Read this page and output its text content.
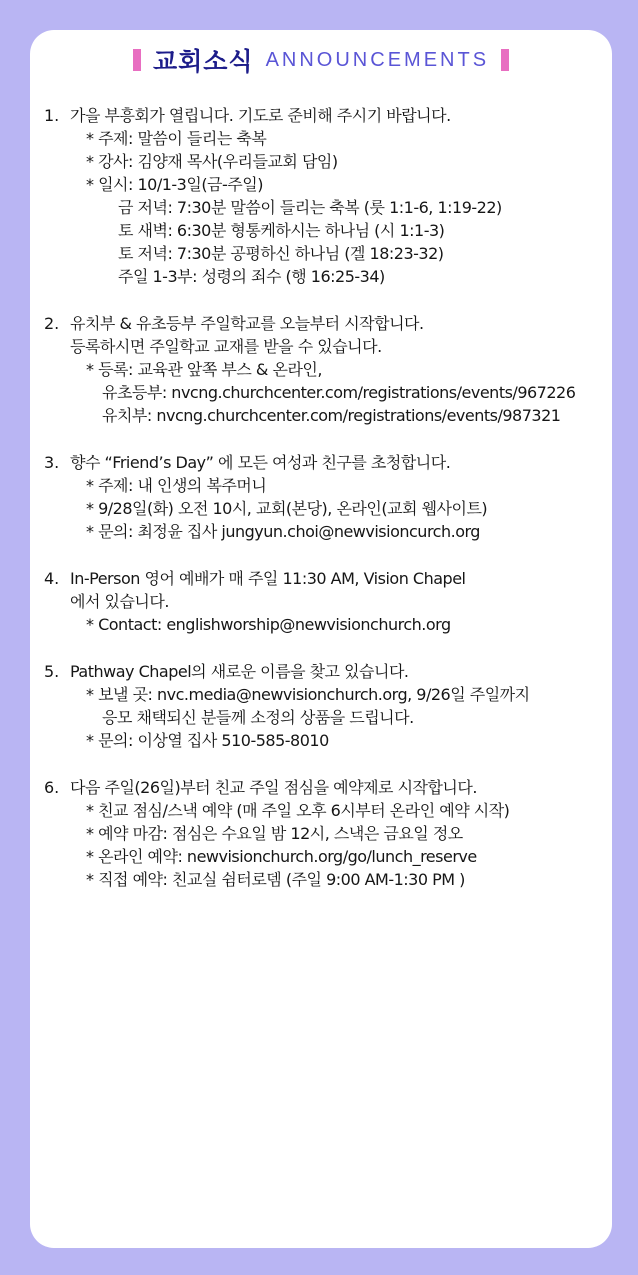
교회소식 ANNOUNCEMENTS
1. 가을 부흥회가 열립니다. 기도로 준비해 주시기 바랍니다.
* 주제: 말씀이 들리는 축복
* 강사: 김양재 목사(우리들교회 담임)
* 일시: 10/1-3일(금-주일)
금 저녁: 7:30분 말씀이 들리는 축복 (룻 1:1-6, 1:19-22)
토 새벽: 6:30분 형통케하시는 하나님 (시 1:1-3)
토 저녁: 7:30분 공평하신 하나님 (겔 18:23-32)
주일 1-3부: 성령의 죄수 (행 16:25-34)
2. 유치부 & 유초등부 주일학교를 오늘부터 시작합니다.
등록하시면 주일학교 교재를 받을 수 있습니다.
* 등록: 교육관 앞쪽 부스 & 온라인,
유초등부: nvcng.churchcenter.com/registrations/events/967226
유치부: nvcng.churchcenter.com/registrations/events/987321
3. 향수 “Friend’s Day” 에 모든 여성과 친구를 초청합니다.
* 주제: 내 인생의 복주머니
* 9/28일(화) 오전 10시, 교회(본당), 온라인(교회 웹사이트)
* 문의: 최정윤 집사 jungyun.choi@newvisioncurch.org
4. In-Person 영어 예배가 매 주일 11:30 AM, Vision Chapel
에서 있습니다.
* Contact: englishworship@newvisionchurch.org
5. Pathway Chapel의 새로운 이름을 찾고 있습니다.
* 보낼 곳: nvc.media@newvisionchurch.org, 9/26일 주일까지
응모 채택되신 분들께 소정의 상품을 드립니다.
* 문의: 이상열 집사 510-585-8010
6. 다음 주일(26일)부터 친교 주일 점심을 예약제로 시작합니다.
* 친교 점심/스낵 예약 (매 주일 오후 6시부터 온라인 예약 시작)
* 예약 마감: 점심은 수요일 밤 12시, 스낵은 금요일 정오
* 온라인 예약: newvisionchurch.org/go/lunch_reserve
* 직접 예약: 친교실 쉼터로뎀 (주일 9:00 AM-1:30 PM )
